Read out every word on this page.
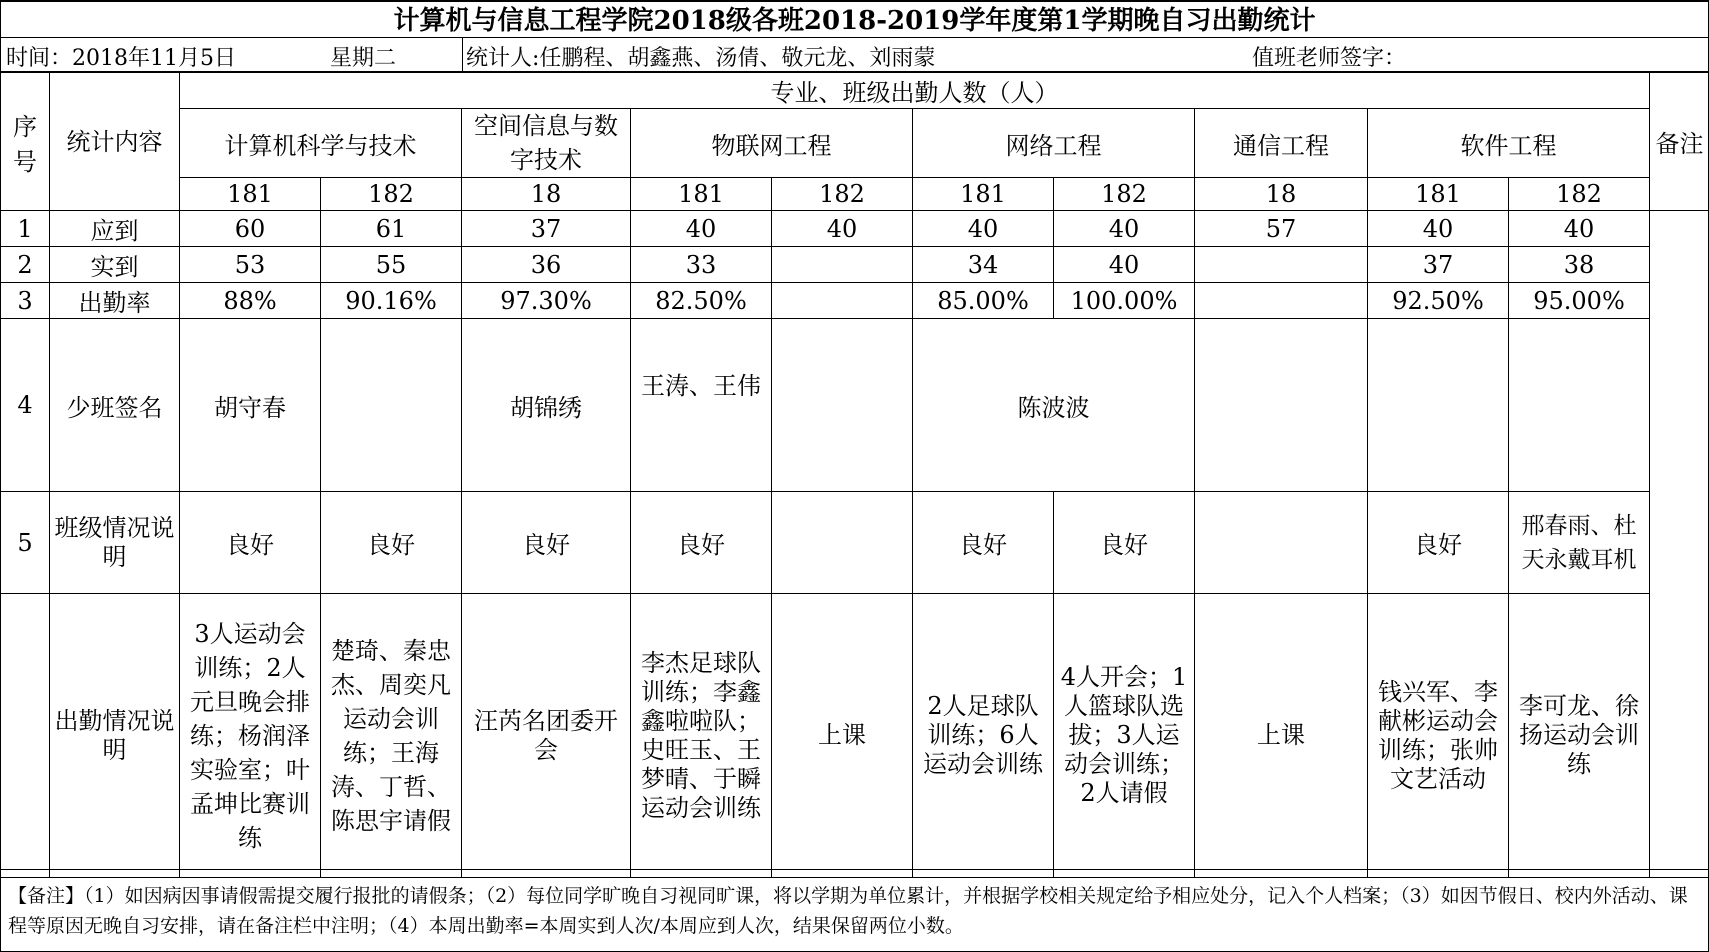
计算机与信息工程学院2018级各班2018-2019学年度第1学期晚自习出勤统计
时间：2018年11月5日	星期二	统计人:任鹏程、胡鑫燕、汤倩、敬元龙、刘雨蒙	值班老师签字：
序号	统计内容	专业、班级出勤人数（人）										备注	
		计算机科学与技术		空间信息与数字技术	物联网工程		网络工程		通信工程	软件工程			
		181	182	18	181	182	181	182	18	181	182		
1	应到	60	61	37	40	40	40	40	57	40	40		
2	实到	53	55	36	33		34	40		37	38		
3	出勤率	88%	90.16%	97.30%	82.50%		85.00%	100.00%		92.50%	95.00%		
4	少班签名	胡守春		胡锦绣	王涛、王伟		陈波波						
5	班级情况说明	良好	良好	良好	良好		良好	良好		良好	邢春雨、杜天永戴耳机		
	出勤情况说明	3人运动会训练；2人元旦晚会排练；杨润泽实验室；叶孟坤比赛训练	楚琦、秦忠杰、周奕凡运动会训练；王海涛、丁哲、陈思宇请假	汪芮名团委开会	李杰足球队训练；李鑫鑫啦啦队；史旺玉、王梦晴、于瞬运动会训练	上课	2人足球队训练；6人运动会训练	4人开会；1人篮球队选拔；3人运动会训练；2人请假	上课	钱兴军、李献彬运动会训练；张帅文艺活动	李可龙、徐扬运动会训练		
【备注】（1）如因病因事请假需提交履行报批的请假条；（2）每位同学旷晚自习视同旷课，将以学期为单位累计，并根据学校相关规定给予相应处分，记入个人档案；（3）如因节假日、校内外活动、课程等原因无晚自习安排，请在备注栏中注明；（4）本周出勤率=本周实到人次/本周应到人次，结果保留两位小数。
